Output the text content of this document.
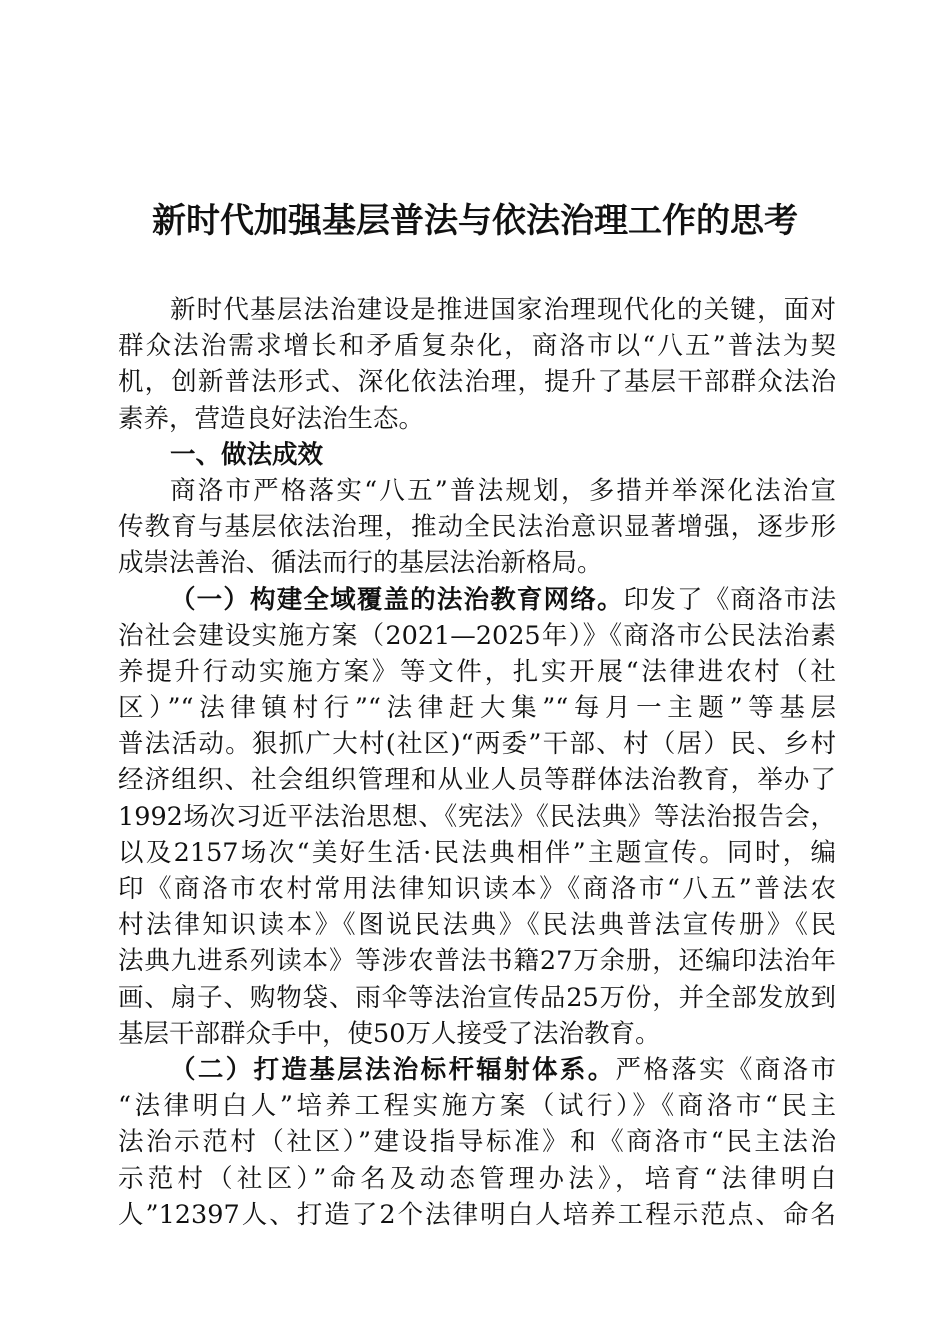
新时代加强基层普法与依法治理工作的思考
新时代基层法治建设是推进国家治理现代化的关键，面对
群众法治需求增长和矛盾复杂化，商洛市以“八五”普法为契
机，创新普法形式、深化依法治理，提升了基层干部群众法治
素养，营造良好法治生态。
一、做法成效
商洛市严格落实“八五”普法规划，多措并举深化法治宣
传教育与基层依法治理，推动全民法治意识显著增强，逐步形
成崇法善治、循法而行的基层法治新格局。
（一）构建全域覆盖的法治教育网络。印发了《商洛市法
治社会建设实施方案（2021—2025年）》《商洛市公民法治素
养提升行动实施方案》等文件，扎实开展“法律进农村（社
区）”“法律镇村行”“法律赶大集”“每月一主题”等基层
普法活动。狠抓广大村(社区)“两委”干部、村（居）民、乡村
经济组织、社会组织管理和从业人员等群体法治教育，举办了
1992场次习近平法治思想、《宪法》《民法典》等法治报告会，
以及2157场次“美好生活·民法典相伴”主题宣传。同时，编
印《商洛市农村常用法律知识读本》《商洛市“八五”普法农
村法律知识读本》《图说民法典》《民法典普法宣传册》《民
法典九进系列读本》等涉农普法书籍27万余册，还编印法治年
画、扇子、购物袋、雨伞等法治宣传品25万份，并全部发放到
基层干部群众手中，使50万人接受了法治教育。
（二）打造基层法治标杆辐射体系。严格落实《商洛市
“法律明白人”培养工程实施方案（试行）》《商洛市“民主
法治示范村（社区）”建设指导标准》和《商洛市“民主法治
示范村（社区）”命名及动态管理办法》，培育“法律明白
人”12397人、打造了2个法律明白人培养工程示范点、命名
